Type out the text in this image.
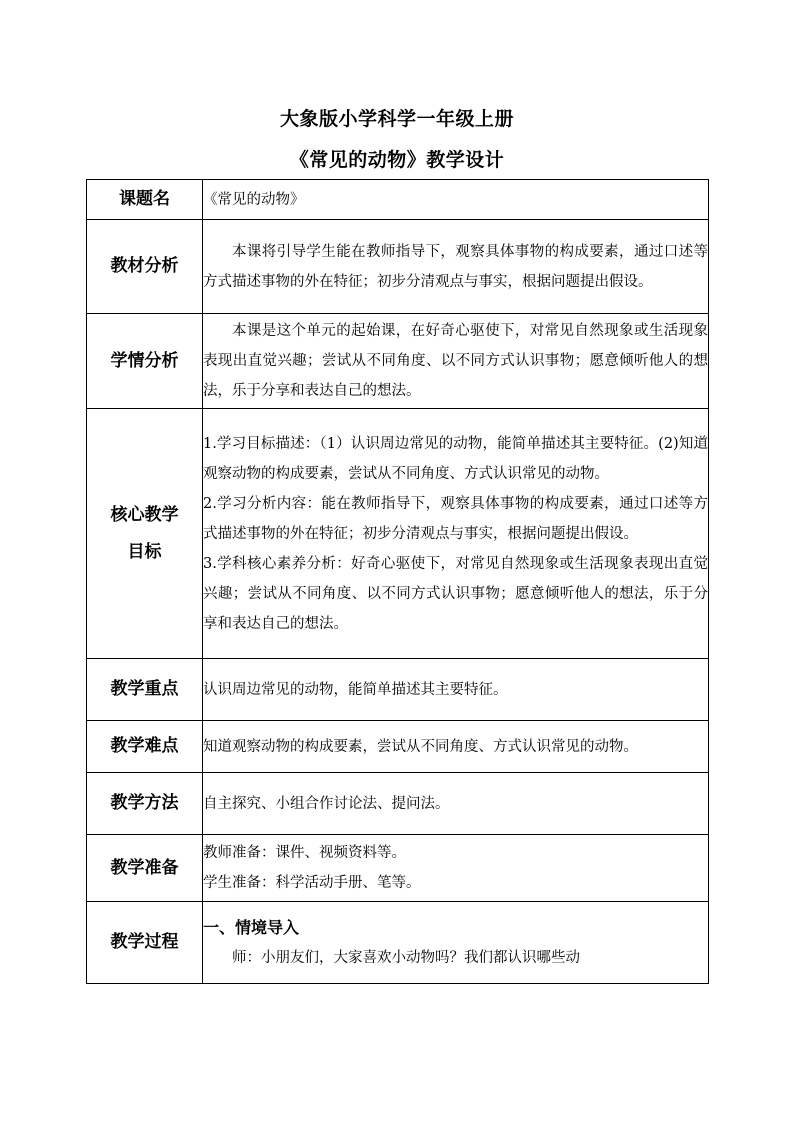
大象版小学科学一年级上册
《常见的动物》教学设计
课题名	《常见的动物》

教材分析	本课将引导学生能在教师指导下，观察具体事物的构成要素，通过口述等方式描述事物的外在特征；初步分清观点与事实，根据问题提出假设。

学情分析	本课是这个单元的起始课，在好奇心驱使下，对常见自然现象或生活现象表现出直觉兴趣；尝试从不同角度、以不同方式认识事物；愿意倾听他人的想法，乐于分享和表达自己的想法。

核心教学
目标	1.学习目标描述：（1）认识周边常见的动物，能简单描述其主要特征。(2)知道观察动物的构成要素，尝试从不同角度、方式认识常见的动物。
2.学习分析内容：能在教师指导下，观察具体事物的构成要素，通过口述等方式描述事物的外在特征；初步分清观点与事实，根据问题提出假设。
3.学科核心素养分析：好奇心驱使下，对常见自然现象或生活现象表现出直觉兴趣；尝试从不同角度、以不同方式认识事物；愿意倾听他人的想法，乐于分享和表达自己的想法。

教学重点	认识周边常见的动物，能简单描述其主要特征。

教学难点	知道观察动物的构成要素，尝试从不同角度、方式认识常见的动物。

教学方法	自主探究、小组合作讨论法、提问法。

教学准备	教师准备：课件、视频资料等。
学生准备：科学活动手册、笔等。

教学过程	一、情境导入
师：小朋友们，大家喜欢小动物吗？我们都认识哪些动
